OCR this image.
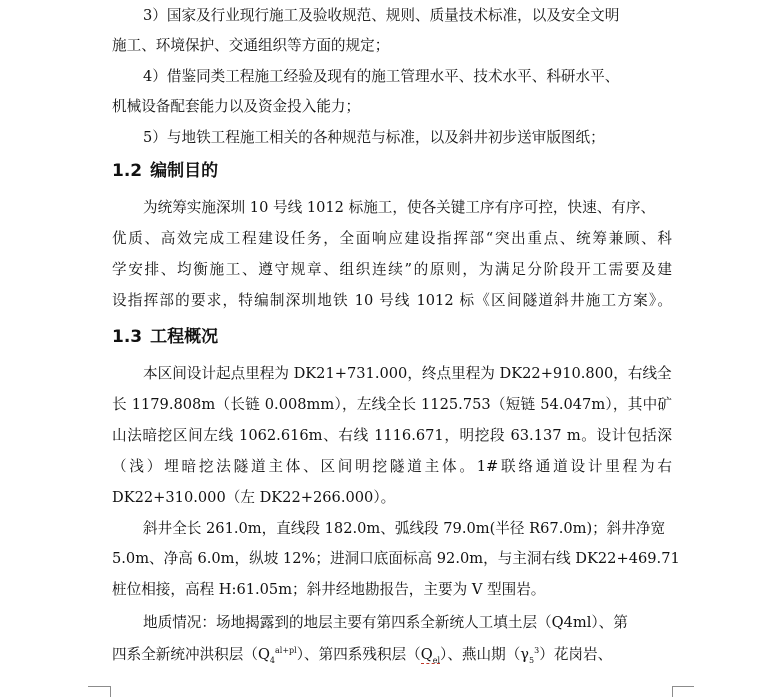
3）国家及行业现行施工及验收规范、规则、质量技术标准，以及安全文明
施工、环境保护、交通组织等方面的规定；
4）借鉴同类工程施工经验及现有的施工管理水平、技术水平、科研水平、
机械设备配套能力以及资金投入能力；
5）与地铁工程施工相关的各种规范与标准，以及斜井初步送审版图纸；
1.2 编制目的
为统筹实施深圳 10 号线 1012 标施工，使各关键工序有序可控，快速、有序、
优质、高效完成工程建设任务，全面响应建设指挥部“突出重点、统筹兼顾、科
学安排、均衡施工、遵守规章、组织连续”的原则，为满足分阶段开工需要及建
设指挥部的要求，特编制深圳地铁 10 号线 1012 标《区间隧道斜井施工方案》。
1.3 工程概况
本区间设计起点里程为 DK21+731.000，终点里程为 DK22+910.800，右线全
长 1179.808m（长链 0.008mm），左线全长 1125.753（短链 54.047m），其中矿
山法暗挖区间左线 1062.616m、右线 1116.671，明挖段 63.137 m。设计包括深
（浅）埋暗挖法隧道主体、区间明挖隧道主体。1#联络通道设计里程为右
DK22+310.000（左 DK22+266.000）。
斜井全长 261.0m，直线段 182.0m、弧线段 79.0m(半径 R67.0m)；斜井净宽
5.0m、净高 6.0m，纵坡 12%；进洞口底面标高 92.0m，与主洞右线 DK22+469.71
桩位相接，高程 H:61.05m；斜井经地勘报告，主要为 V 型围岩。
地质情况：场地揭露到的地层主要有第四系全新统人工填土层（Q4ml）、第
四系全新统冲洪积层$(Q_4^{al+pl})$、第四系残积层$(Q_{el})$、燕山期$(\gamma_5^3)$花岗岩、
